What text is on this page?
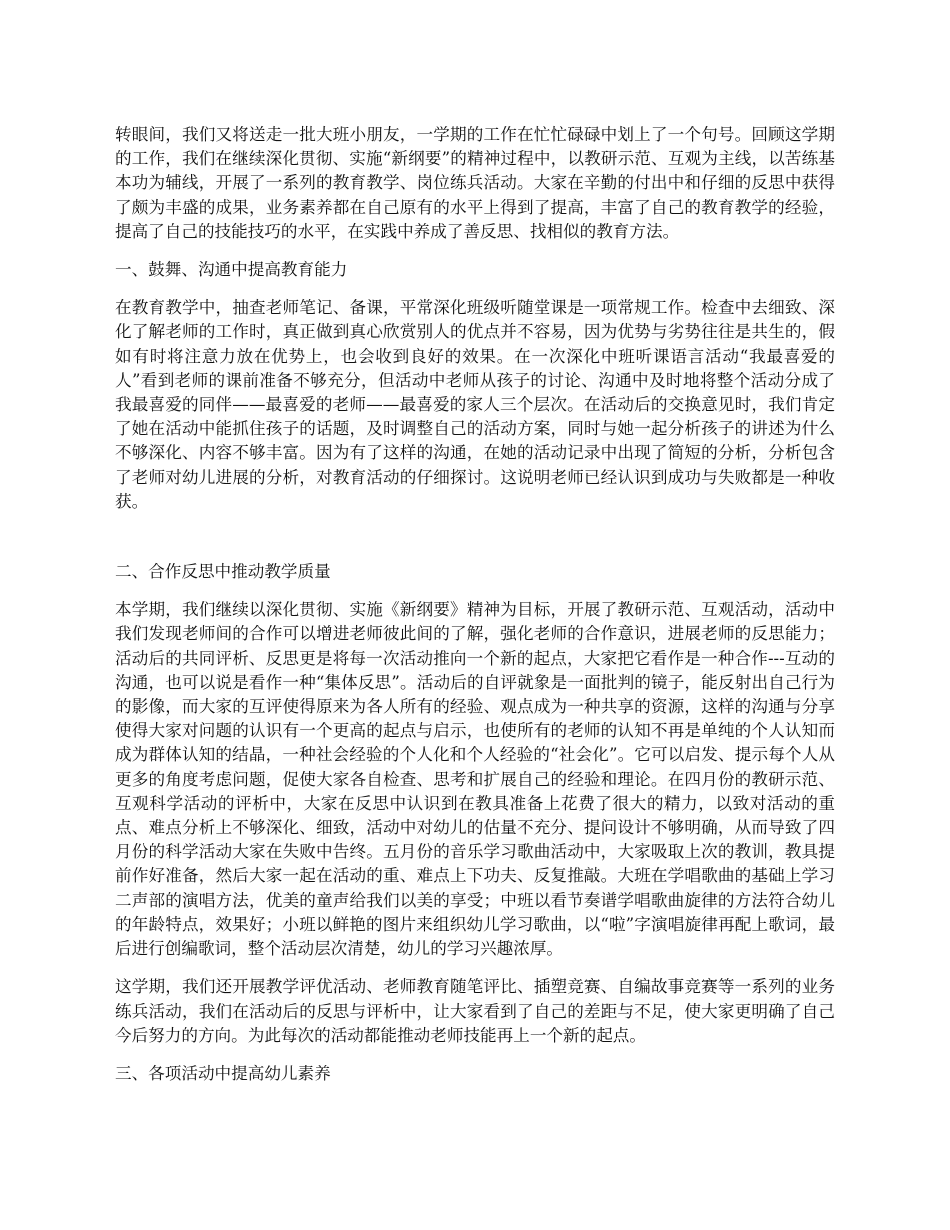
转眼间，我们又将送走一批大班小朋友，一学期的工作在忙忙碌碌中划上了一个句号。回顾这学期的工作，我们在继续深化贯彻、实施“新纲要”的精神过程中，以教研示范、互观为主线，以苦练基本功为辅线，开展了一系列的教育教学、岗位练兵活动。大家在辛勤的付出中和仔细的反思中获得了颇为丰盛的成果，业务素养都在自己原有的水平上得到了提高，丰富了自己的教育教学的经验，提高了自己的技能技巧的水平，在实践中养成了善反思、找相似的教育方法。

一、鼓舞、沟通中提高教育能力

在教育教学中，抽查老师笔记、备课，平常深化班级听随堂课是一项常规工作。检查中去细致、深化了解老师的工作时，真正做到真心欣赏别人的优点并不容易，因为优势与劣势往往是共生的，假如有时将注意力放在优势上，也会收到良好的效果。在一次深化中班听课语言活动“我最喜爱的人”看到老师的课前准备不够充分，但活动中老师从孩子的讨论、沟通中及时地将整个活动分成了我最喜爱的同伴——最喜爱的老师——最喜爱的家人三个层次。在活动后的交换意见时，我们肯定了她在活动中能抓住孩子的话题，及时调整自己的活动方案，同时与她一起分析孩子的讲述为什么不够深化、内容不够丰富。因为有了这样的沟通，在她的活动记录中出现了简短的分析，分析包含了老师对幼儿进展的分析，对教育活动的仔细探讨。这说明老师已经认识到成功与失败都是一种收获。

二、合作反思中推动教学质量

本学期，我们继续以深化贯彻、实施《新纲要》精神为目标，开展了教研示范、互观活动，活动中我们发现老师间的合作可以增进老师彼此间的了解，强化老师的合作意识，进展老师的反思能力；活动后的共同评析、反思更是将每一次活动推向一个新的起点，大家把它看作是一种合作---互动的沟通，也可以说是看作一种“集体反思”。活动后的自评就象是一面批判的镜子，能反射出自己行为的影像，而大家的互评使得原来为各人所有的经验、观点成为一种共享的资源，这样的沟通与分享使得大家对问题的认识有一个更高的起点与启示，也使所有的老师的认知不再是单纯的个人认知而成为群体认知的结晶，一种社会经验的个人化和个人经验的“社会化”。它可以启发、提示每个人从更多的角度考虑问题，促使大家各自检查、思考和扩展自己的经验和理论。在四月份的教研示范、互观科学活动的评析中，大家在反思中认识到在教具准备上花费了很大的精力，以致对活动的重点、难点分析上不够深化、细致，活动中对幼儿的估量不充分、提问设计不够明确，从而导致了四月份的科学活动大家在失败中告终。五月份的音乐学习歌曲活动中，大家吸取上次的教训，教具提前作好准备，然后大家一起在活动的重、难点上下功夫、反复推敲。大班在学唱歌曲的基础上学习二声部的演唱方法，优美的童声给我们以美的享受；中班以看节奏谱学唱歌曲旋律的方法符合幼儿的年龄特点，效果好；小班以鲜艳的图片来组织幼儿学习歌曲，以“啦”字演唱旋律再配上歌词，最后进行创编歌词，整个活动层次清楚，幼儿的学习兴趣浓厚。

这学期，我们还开展教学评优活动、老师教育随笔评比、插塑竞赛、自编故事竞赛等一系列的业务练兵活动，我们在活动后的反思与评析中，让大家看到了自己的差距与不足，使大家更明确了自己今后努力的方向。为此每次的活动都能推动老师技能再上一个新的起点。

三、各项活动中提高幼儿素养
